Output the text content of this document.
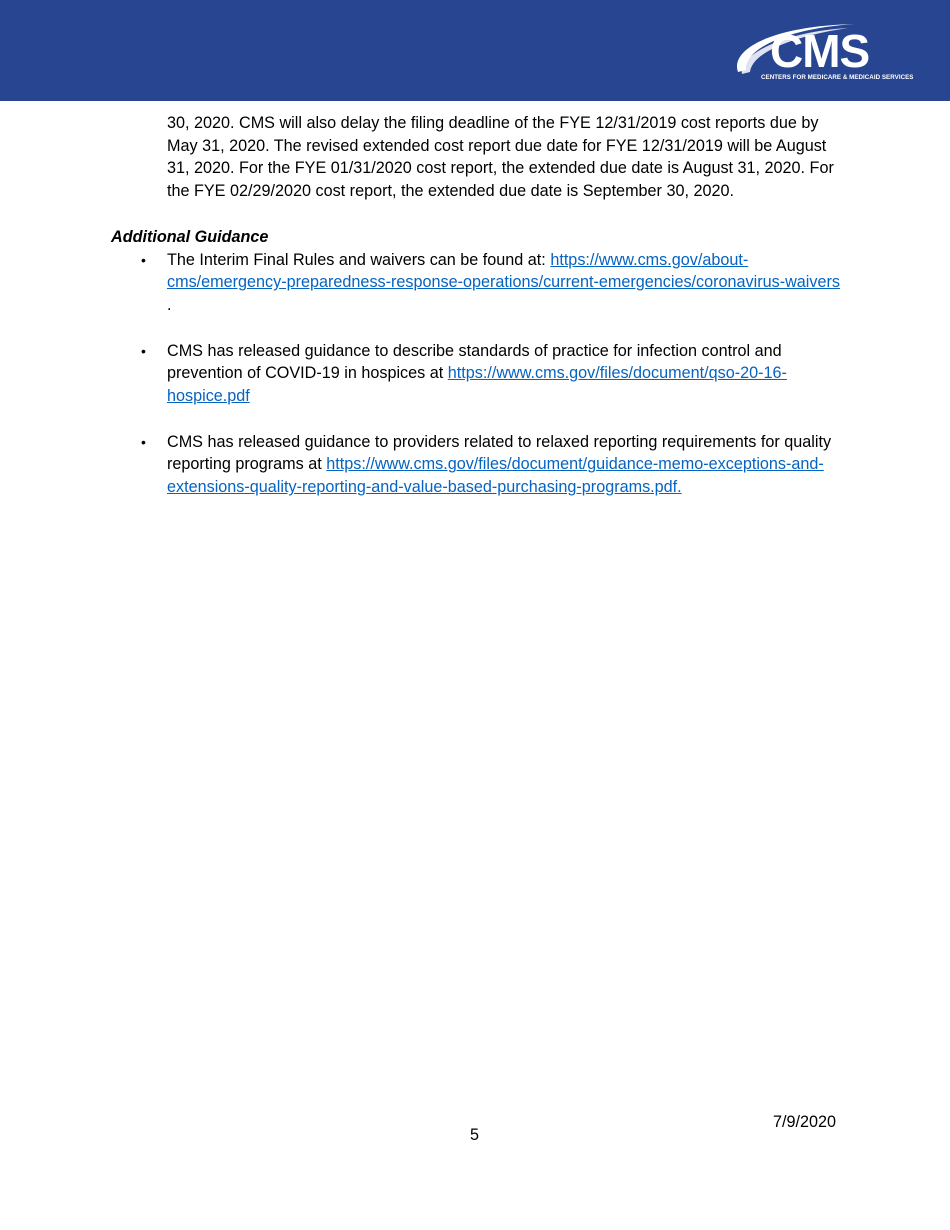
CMS
CENTERS FOR MEDICARE & MEDICAID SERVICES

30, 2020. CMS will also delay the filing deadline of the FYE 12/31/2019 cost reports due by May 31, 2020. The revised extended cost report due date for FYE 12/31/2019 will be August 31, 2020. For the FYE 01/31/2020 cost report, the extended due date is August 31, 2020. For the FYE 02/29/2020 cost report, the extended due date is September 30, 2020.

Additional Guidance
• The Interim Final Rules and waivers can be found at: https://www.cms.gov/about-cms/emergency-preparedness-response-operations/current-emergencies/coronavirus-waivers .
• CMS has released guidance to describe standards of practice for infection control and prevention of COVID-19 in hospices at https://www.cms.gov/files/document/qso-20-16-hospice.pdf
• CMS has released guidance to providers related to relaxed reporting requirements for quality reporting programs at https://www.cms.gov/files/document/guidance-memo-exceptions-and-extensions-quality-reporting-and-value-based-purchasing-programs.pdf.
7/9/2020
5
